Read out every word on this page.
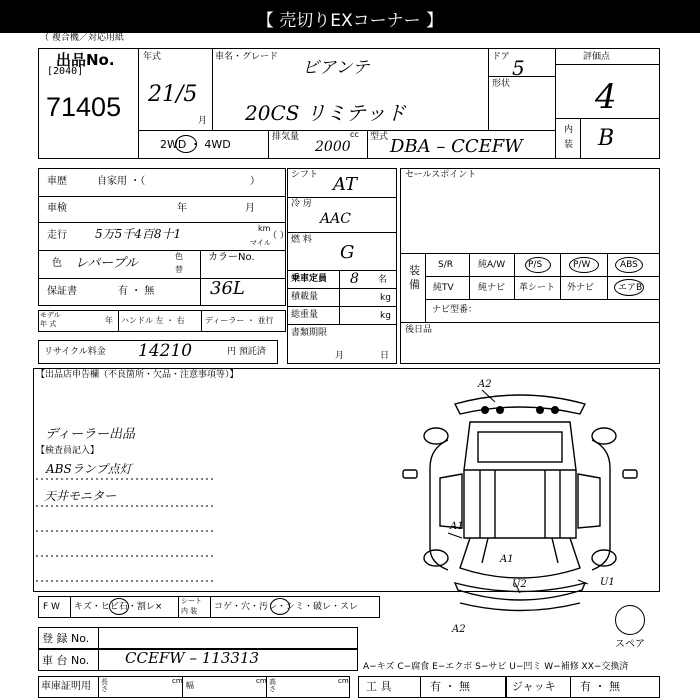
【 売切りEXコーナー 】
（ 複合機／対応用紙
出品No.
[2040]
71405
年式
21/5
月
車名・グレード
ビアンテ
20CS リミテッド
ドア 5
形状
評価点
4
内
装 B
2WD ・ 4WD
排気量	cc
2000
型式 DBA – CCEFW
車歴	自家用 ・（	）
車検	年	月
走行 5万5千4百8十1	km
マイル
（ ）
色 レパープル	色
替
カラーNo.
保証書	有 ・ 無	36L
モデル
年 式	年 ハンドル 左 ・ 右	ディーラー ・ 並行
リサイクル料金 14210	円 預託済
シフト AT
冷 房
AAC
燃 料
G
乗車定員 8 名
積載量	kg
総重量	kg
書類期限
月	日
セールスポイント
装 備
S/R	純A/W	P/S	P/W	ABS
純TV	純ナビ 革シート 外ナビ	エアB
ナビ型番：
後日品
【出品店申告欄（不良箇所・欠品・注意事項等）】
ディーラー出品
【検査員記入】
ABSランプ点灯
天井モニター
A2
A1
A1
U2	U1
A2
スペア
F W キズ・ヒビ石・割レ×
シート
内 装 コゲ・穴・汚レ・シミ・破レ・スレ
登 録 No.
車 台 No. CCEFW – 113313	A−キズ C−腐食 E−エクボ S−サビ U−凹ミ W−補修 XX−交換済
車庫証明用 長さ
cm 幅	cm 高さ
cm 工 具	有 ・ 無	ジャッキ 有 ・ 無
